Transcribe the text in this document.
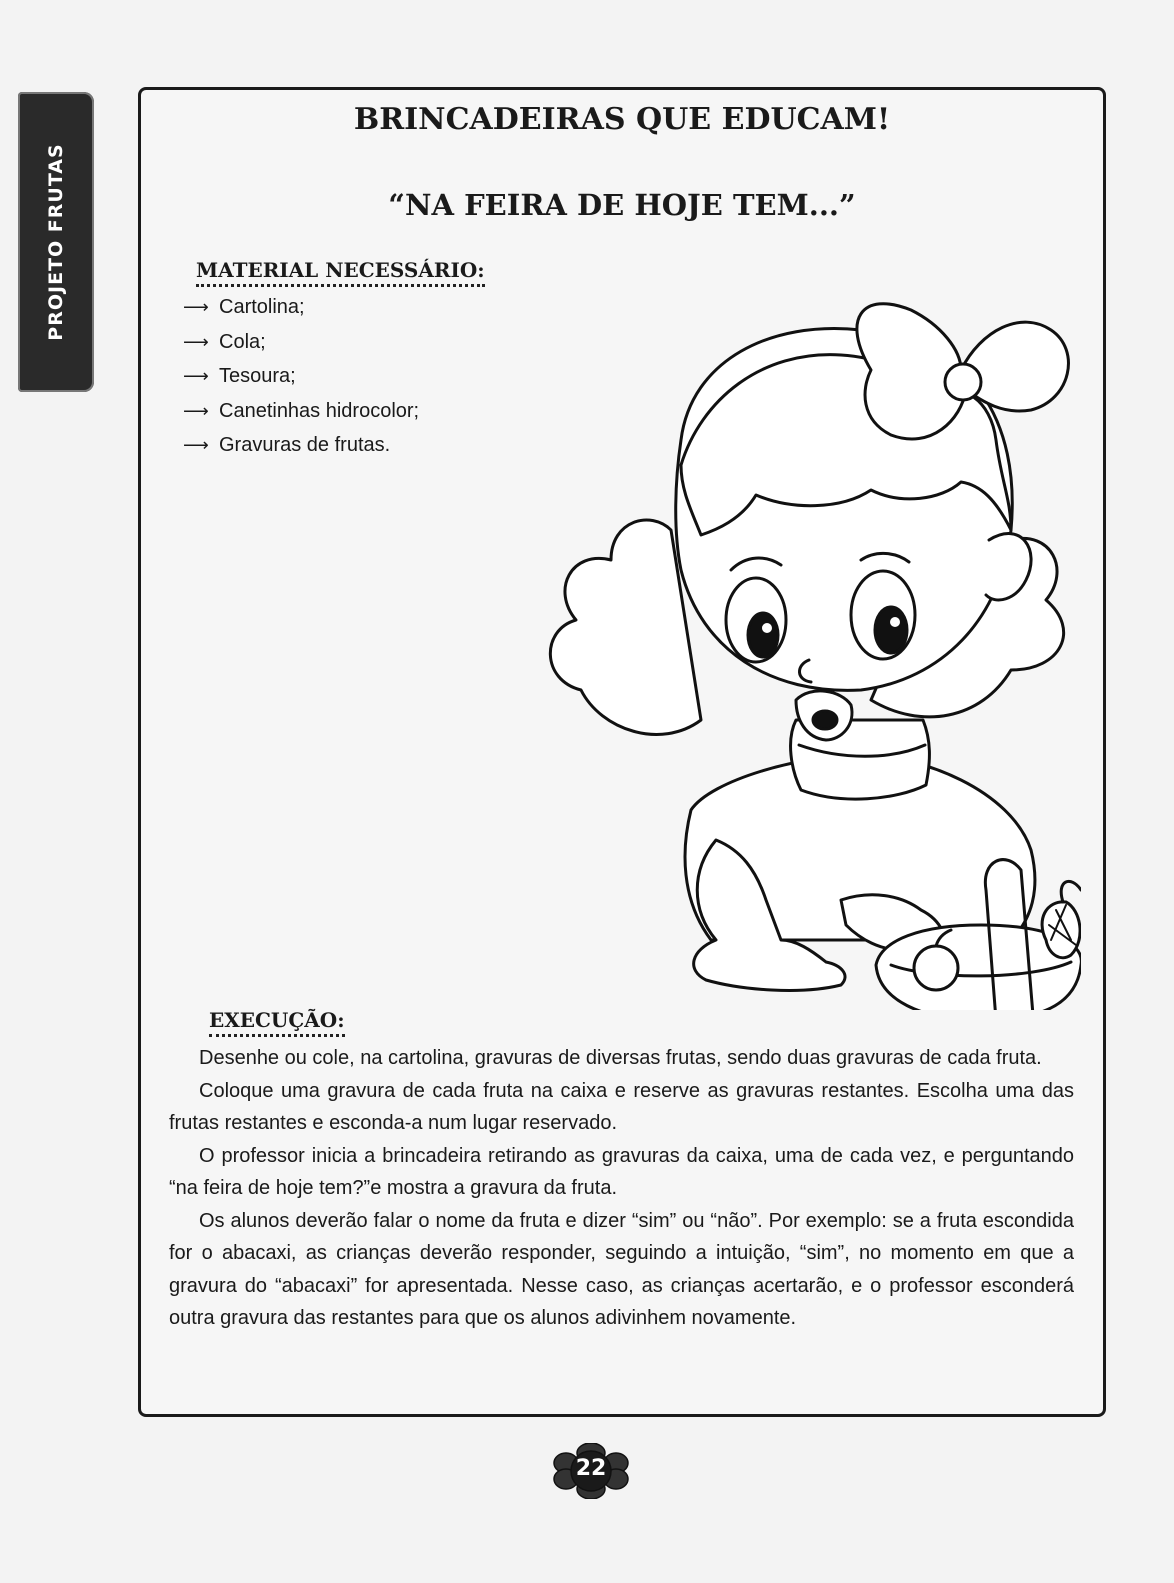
PROJETO FRUTAS
BRINCADEIRAS QUE EDUCAM!
“NA FEIRA DE HOJE TEM...”
MATERIAL NECESSÁRIO:
⟶ Cartolina;
⟶ Cola;
⟶ Tesoura;
⟶ Canetinhas hidrocolor;
⟶ Gravuras de frutas.
EXECUÇÃO:

Desenhe ou cole, na cartolina, gravuras de diversas frutas, sendo duas gravuras de cada fruta.

Coloque uma gravura de cada fruta na caixa e reserve as gravuras restantes. Escolha uma das frutas restantes e esconda-a num lugar reservado.

O professor inicia a brincadeira retirando as gravuras da caixa, uma de cada vez, e perguntando “na feira de hoje tem?”e mostra a gravura da fruta.

Os alunos deverão falar o nome da fruta e dizer “sim” ou “não”. Por exemplo: se a fruta escondida for o abacaxi, as crianças deverão responder, seguindo a intuição, “sim”, no momento em que a gravura do “abacaxi” for apresentada. Nesse caso, as crianças acertarão, e o professor esconderá outra gravura das restantes para que os alunos adivinhem novamente.

22
